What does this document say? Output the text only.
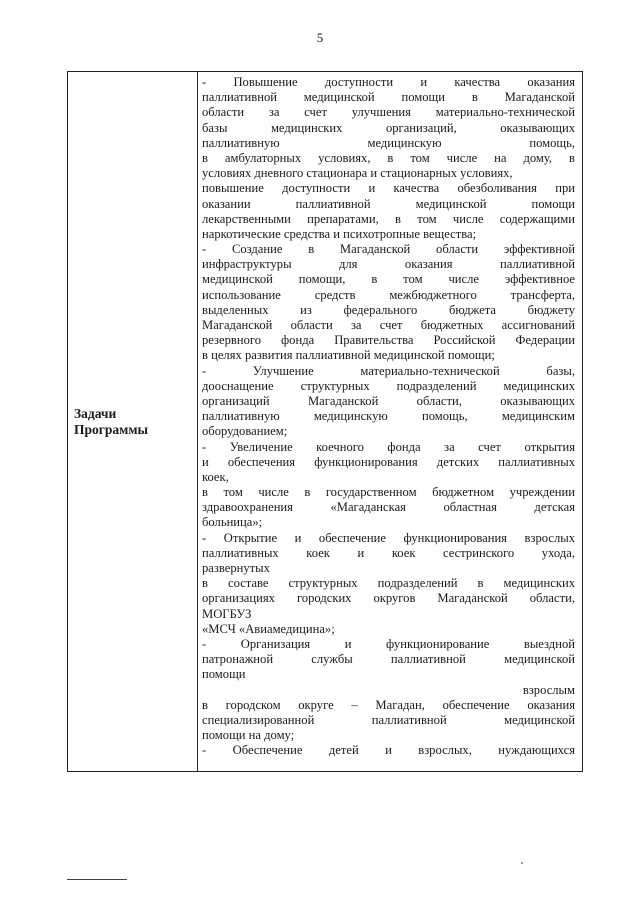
5
Задачи
Программы
- Повышение доступности и качества оказания
паллиативной медицинской помощи в Магаданской
области за счет улучшения материально-технической
базы медицинских организаций, оказывающих
паллиативную медицинскую помощь,
в амбулаторных условиях, в том числе на дому, в
условиях дневного стационара и стационарных условиях,
повышение доступности и качества обезболивания при
оказании паллиативной медицинской помощи
лекарственными препаратами, в том числе содержащими
наркотические средства и психотропные вещества;
- Создание в Магаданской области эффективной
инфраструктуры для оказания паллиативной
медицинской помощи, в том числе эффективное
использование средств межбюджетного трансферта,
выделенных из федерального бюджета бюджету
Магаданской области за счет бюджетных ассигнований
резервного фонда Правительства Российской Федерации
в целях развития паллиативной медицинской помощи;
- Улучшение материально-технической базы,
дооснащение структурных подразделений медицинских
организаций Магаданской области, оказывающих
паллиативную медицинскую помощь, медицинским
оборудованием;
- Увеличение коечного фонда за счет открытия
и обеспечения функционирования детских паллиативных
коек,
в том числе в государственном бюджетном учреждении
здравоохранения «Магаданская областная детская
больница»;
- Открытие и обеспечение функционирования взрослых
паллиативных коек и коек сестринского ухода,
развернутых
в составе структурных подразделений в медицинских
организациях городских округов Магаданской области,
МОГБУЗ
«МСЧ «Авиамедицина»;
- Организация и функционирование выездной
патронажной службы паллиативной медицинской
помощи
взрослым
в городском округе – Магадан, обеспечение оказания
специализированной паллиативной медицинской
помощи на дому;
- Обеспечение детей и взрослых, нуждающихся
